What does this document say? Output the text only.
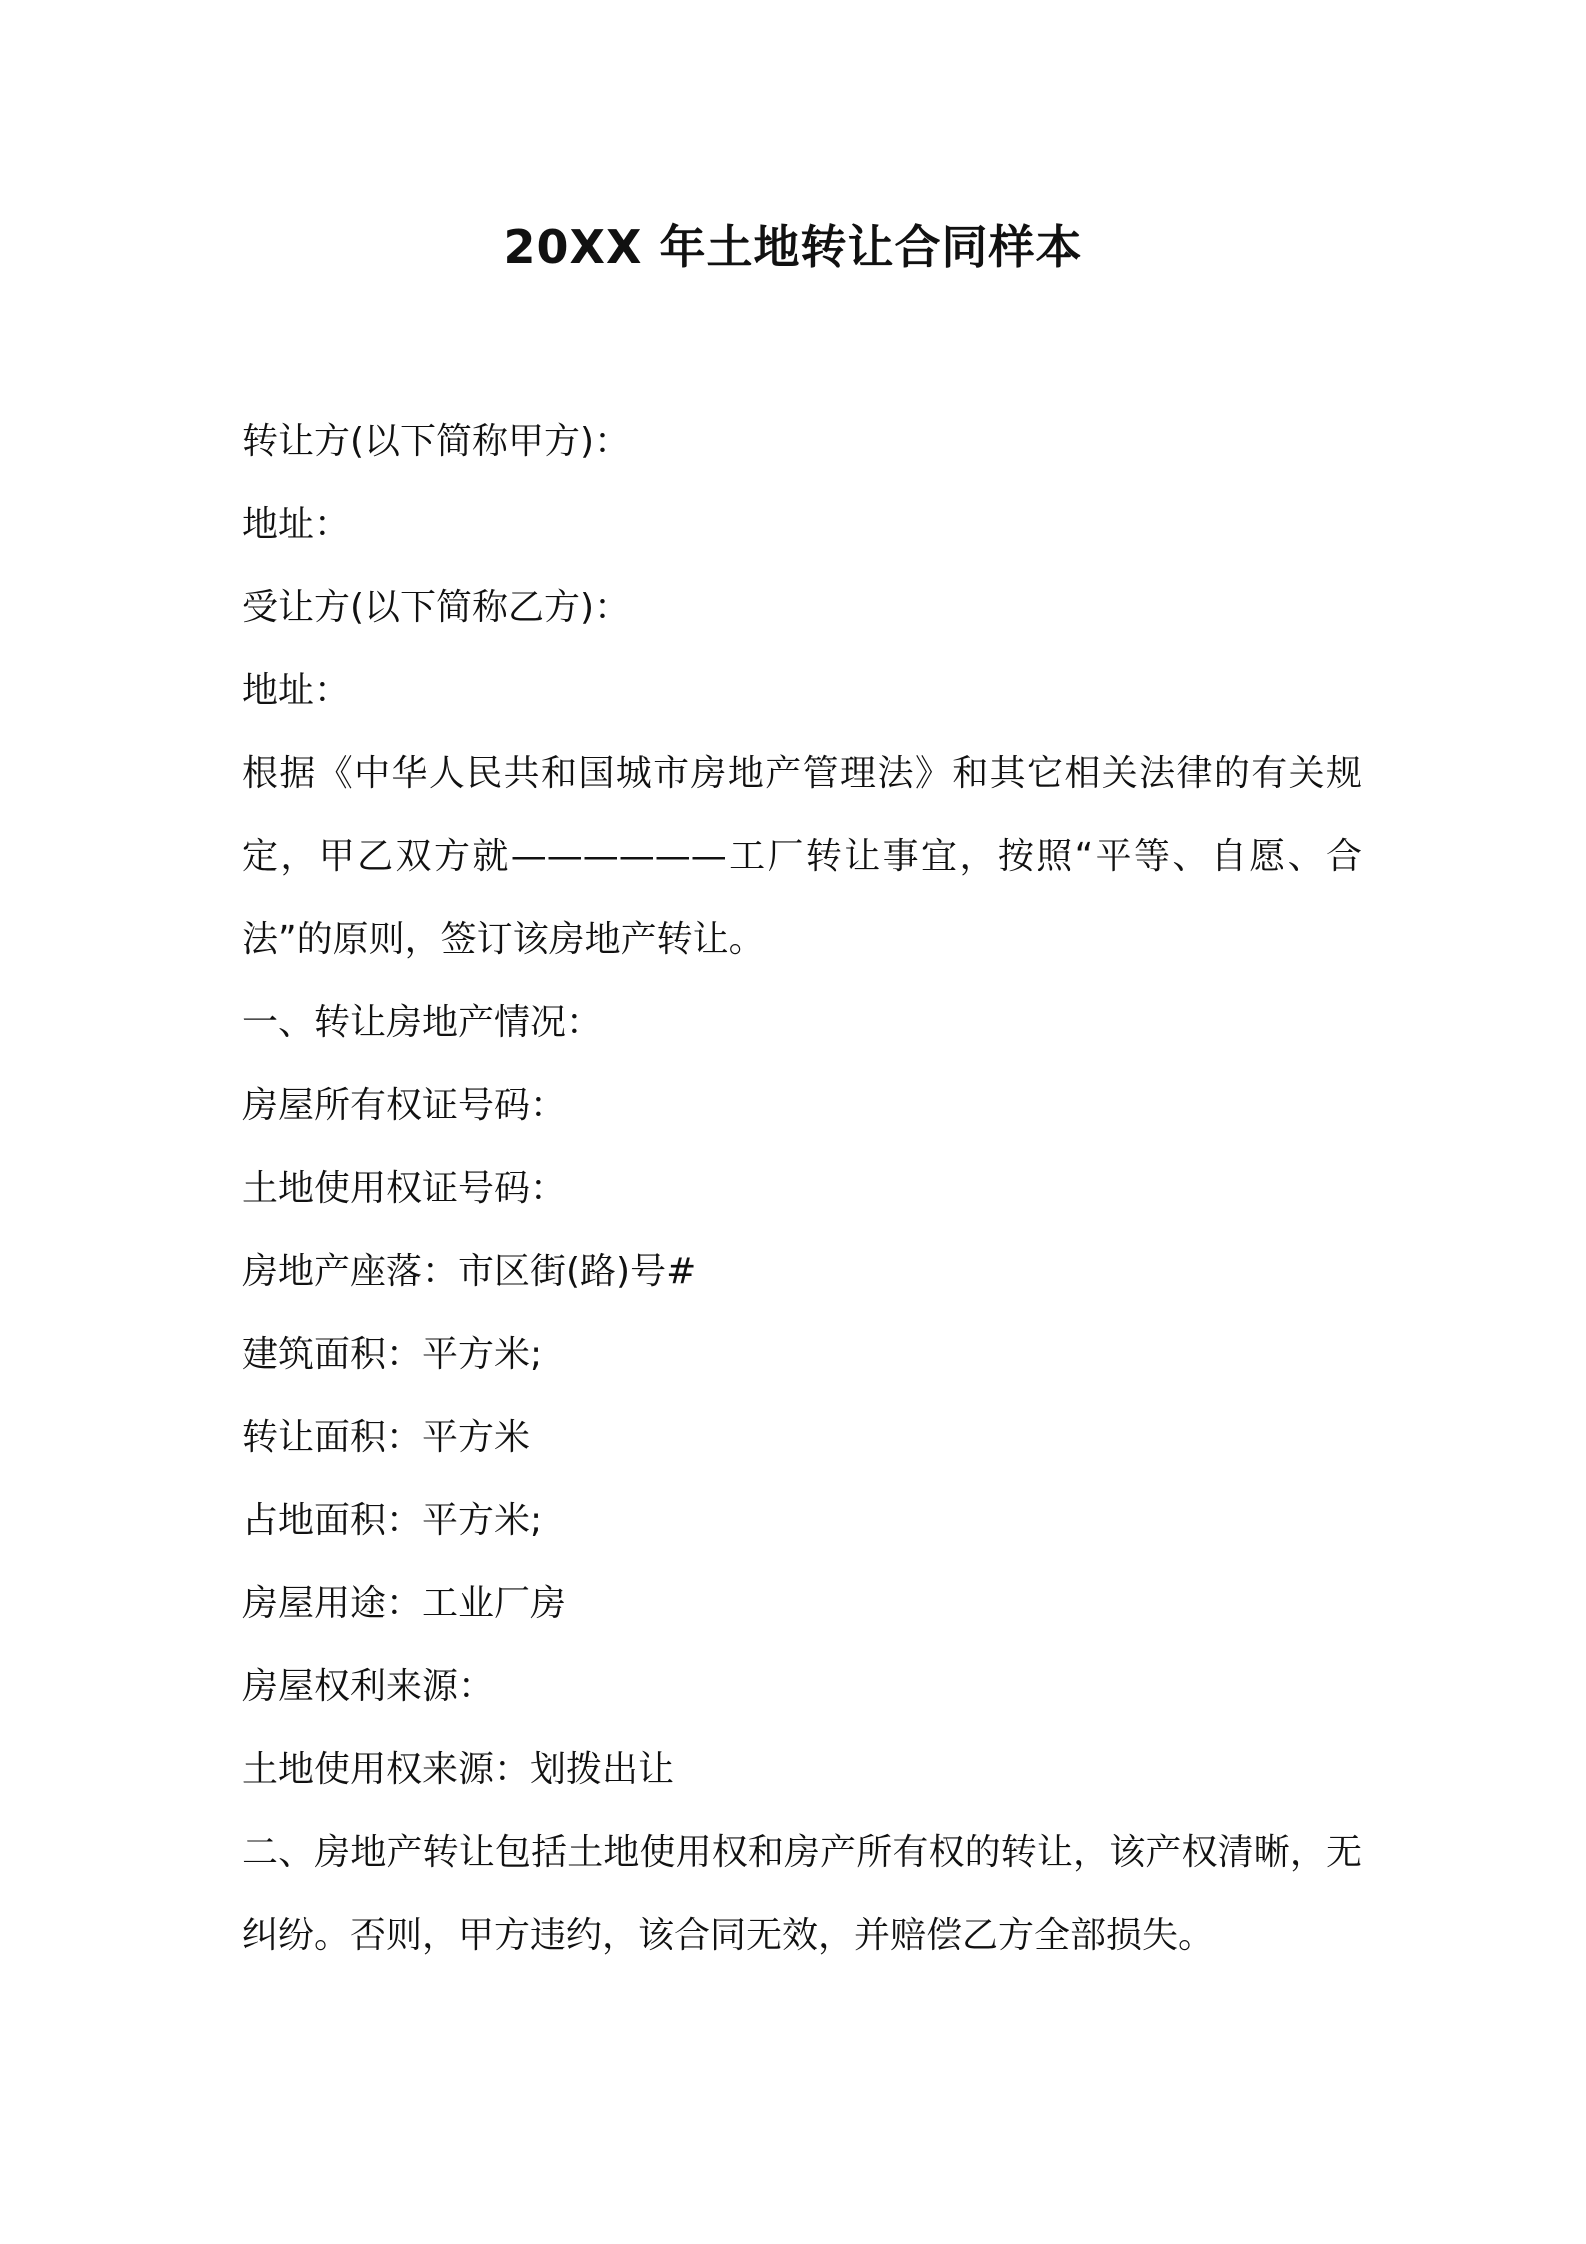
20XX 年土地转让合同样本
转让方(以下简称甲方)：
地址：
受让方(以下简称乙方)：
地址：
根据《中华人民共和国城市房地产管理法》和其它相关法律的有关规定，甲乙双方就——————工厂转让事宜，按照“平等、自愿、合法”的原则，签订该房地产转让。
一、转让房地产情况：
房屋所有权证号码：
土地使用权证号码：
房地产座落：市区街(路)号#
建筑面积：平方米;
转让面积：平方米
占地面积：平方米;
房屋用途：工业厂房
房屋权利来源：
土地使用权来源：划拨出让
二、房地产转让包括土地使用权和房产所有权的转让，该产权清晰，无纠纷。否则，甲方违约，该合同无效，并赔偿乙方全部损失。
